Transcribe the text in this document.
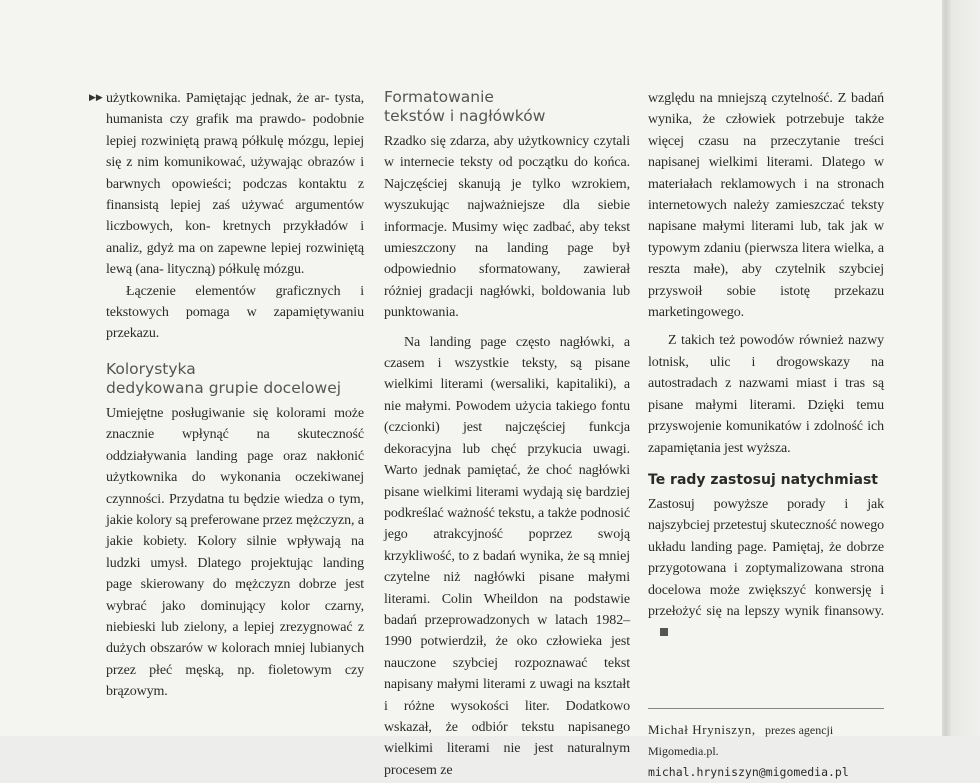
▶▶ użytkownika. Pamiętając jednak, że ar- tysta, humanista czy grafik ma prawdo- podobnie lepiej rozwiniętą prawą półkulę mózgu, lepiej się z nim komunikować, używając obrazów i barwnych opowieści; podczas kontaktu z finansistą lepiej zaś używać argumentów liczbowych, kon- kretnych przykładów i analiz, gdyż ma on zapewne lepiej rozwiniętą lewą (ana- lityczną) półkulę mózgu.

Łączenie elementów graficznych i tekstowych pomaga w zapamiętywaniu przekazu.

Kolorystyka
dedykowana grupie docelowej

Umiejętne posługiwanie się kolorami może znacznie wpłynąć na skuteczność oddziaływania landing page oraz nakłonić użytkownika do wykonania oczekiwanej czynności. Przydatna tu będzie wiedza o tym, jakie kolory są preferowane przez mężczyzn, a jakie kobiety. Kolory silnie wpływają na ludzki umysł. Dlatego projektując landing page skierowany do mężczyzn dobrze jest wybrać jako dominujący kolor czarny, niebieski lub zielony, a lepiej zrezygnować z dużych obszarów w kolorach mniej lubianych przez płeć męską, np. fioletowym czy brązowym.

Formatowanie
tekstów i nagłówków

Rzadko się zdarza, aby użytkownicy czytali w internecie teksty od początku do końca. Najczęściej skanują je tylko wzrokiem, wyszukując najważniejsze dla siebie informacje. Musimy więc zadbać, aby tekst umieszczony na landing page był odpowiednio sformatowany, zawierał różniej gradacji nagłówki, boldowania lub punktowania.

Na landing page często nagłówki, a czasem i wszystkie teksty, są pisane wielkimi literami (wersaliki, kapitaliki), a nie małymi. Powodem użycia takiego fontu (czcionki) jest najczęściej funkcja dekoracyjna lub chęć przykucia uwagi. Warto jednak pamiętać, że choć nagłówki pisane wielkimi literami wydają się bardziej podkreślać ważność tekstu, a także podnosić jego atrakcyjność poprzez swoją krzykliwość, to z badań wynika, że są mniej czytelne niż nagłówki pisane małymi literami. Colin Wheildon na podstawie badań przeprowadzonych w latach 1982–1990 potwierdził, że oko człowieka jest nauczone szybciej rozpoznawać tekst napisany małymi literami z uwagi na kształt i różne wysokości liter. Dodatkowo wskazał, że odbiór tekstu napisanego wielkimi literami nie jest naturalnym procesem ze

względu na mniejszą czytelność. Z badań wynika, że człowiek potrzebuje także więcej czasu na przeczytanie treści napisanej wielkimi literami. Dlatego w materiałach reklamowych i na stronach internetowych należy zamieszczać teksty napisane małymi literami lub, tak jak w typowym zdaniu (pierwsza litera wielka, a reszta małe), aby czytelnik szybciej przyswoił sobie istotę przekazu marketingowego.

Z takich też powodów również nazwy lotnisk, ulic i drogowskazy na autostradach z nazwami miast i tras są pisane małymi literami. Dzięki temu przyswojenie komunikatów i zdolność ich zapamiętania jest wyższa.

Te rady zastosuj natychmiast

Zastosuj powyższe porady i jak najszybciej przetestuj skuteczność nowego układu landing page. Pamiętaj, że dobrze przygotowana i zoptymalizowana strona docelowa może zwiększyć konwersję i przełożyć się na lepszy wynik finansowy.

Michał Hryniszyn, prezes agencji
Migomedia.pl.
michal.hryniszyn@migomedia.pl
